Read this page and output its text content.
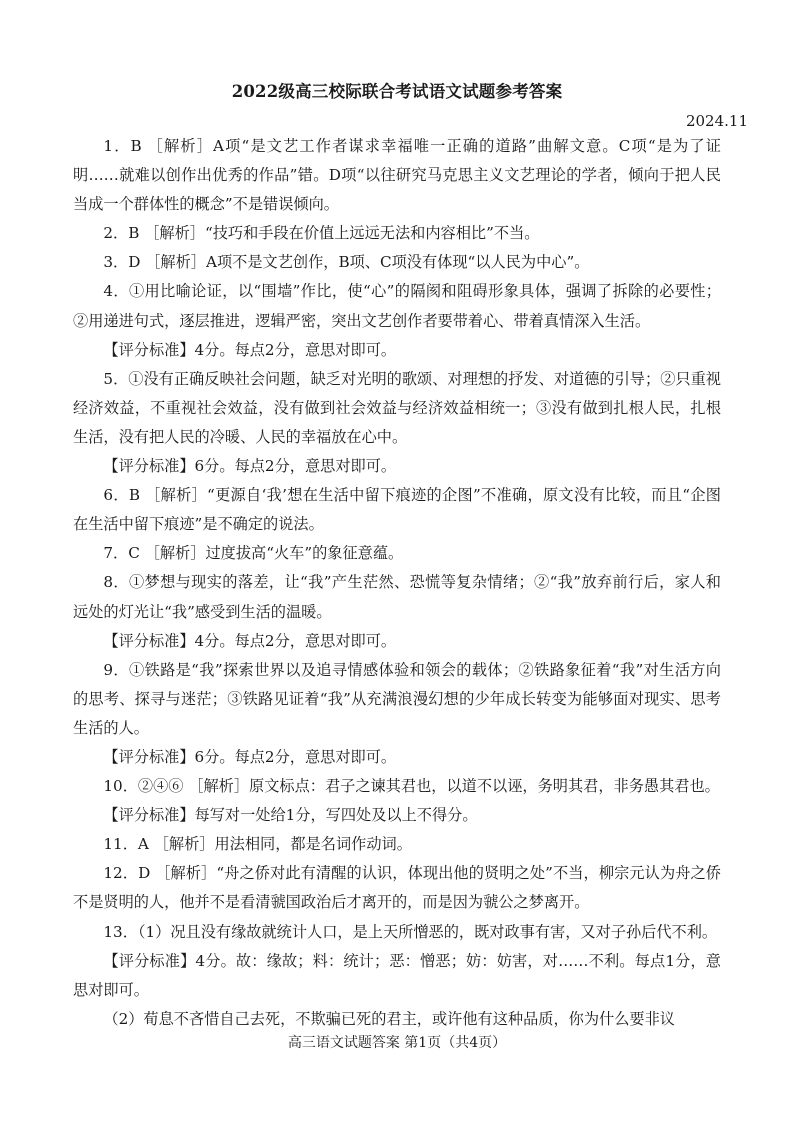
2022级高三校际联合考试语文试题参考答案
2024.11

1．B ［解析］A项“是文艺工作者谋求幸福唯一正确的道路”曲解文意。C项“是为了证明……就难以创作出优秀的作品”错。D项“以往研究马克思主义文艺理论的学者，倾向于把人民当成一个群体性的概念”不是错误倾向。

2．B ［解析］“技巧和手段在价值上远远无法和内容相比”不当。

3．D ［解析］A项不是文艺创作，B项、C项没有体现“以人民为中心”。

4．①用比喻论证，以“围墙”作比，使“心”的隔阂和阻碍形象具体，强调了拆除的必要性；②用递进句式，逐层推进，逻辑严密，突出文艺创作者要带着心、带着真情深入生活。

【评分标准】4分。每点2分，意思对即可。

5．①没有正确反映社会问题，缺乏对光明的歌颂、对理想的抒发、对道德的引导；②只重视经济效益，不重视社会效益，没有做到社会效益与经济效益相统一；③没有做到扎根人民，扎根生活，没有把人民的冷暖、人民的幸福放在心中。

【评分标准】6分。每点2分，意思对即可。

6．B ［解析］“更源自‘我’想在生活中留下痕迹的企图”不准确，原文没有比较，而且“企图在生活中留下痕迹”是不确定的说法。

7．C ［解析］过度拔高“火车”的象征意蕴。

8．①梦想与现实的落差，让“我”产生茫然、恐慌等复杂情绪；②“我”放弃前行后，家人和远处的灯光让“我”感受到生活的温暖。

【评分标准】4分。每点2分，意思对即可。

9．①铁路是“我”探索世界以及追寻情感体验和领会的载体；②铁路象征着“我”对生活方向的思考、探寻与迷茫；③铁路见证着“我”从充满浪漫幻想的少年成长转变为能够面对现实、思考生活的人。

【评分标准】6分。每点2分，意思对即可。

10．②④⑥ ［解析］原文标点：君子之谏其君也，以道不以诬，务明其君，非务愚其君也。

【评分标准】每写对一处给1分，写四处及以上不得分。

11．A ［解析］用法相同，都是名词作动词。

12．D ［解析］“舟之侨对此有清醒的认识，体现出他的贤明之处”不当，柳宗元认为舟之侨不是贤明的人，他并不是看清虢国政治后才离开的，而是因为虢公之梦离开。

13．（1）况且没有缘故就统计人口，是上天所憎恶的，既对政事有害，又对子孙后代不利。

【评分标准】4分。故：缘故；料：统计；恶：憎恶；妨：妨害，对……不利。每点1分，意思对即可。

（2）荀息不吝惜自己去死，不欺骗已死的君主，或许他有这种品质，你为什么要非议

高三语文试题答案 第1页（共4页）
